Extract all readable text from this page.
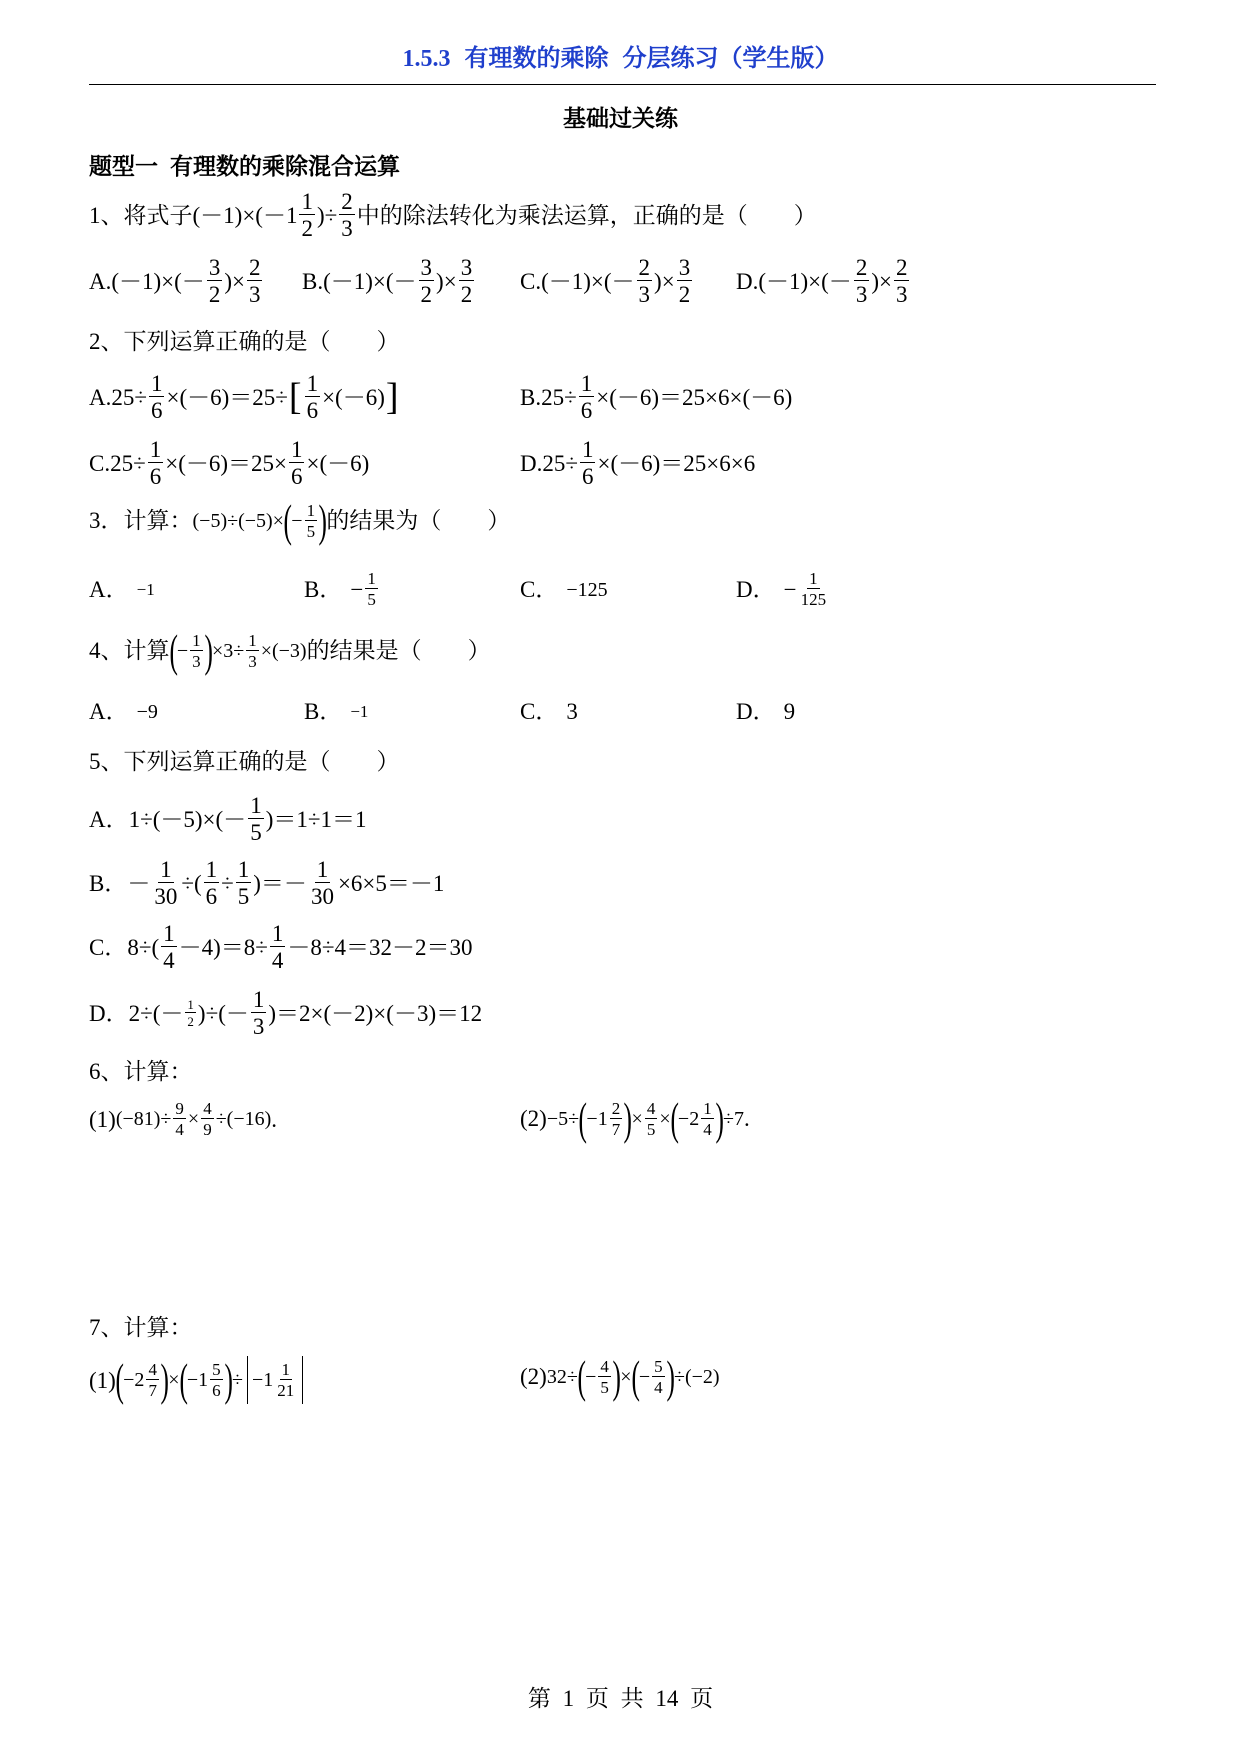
1.5.3 有理数的乘除 分层练习（学生版）
基础过关练
题型一 有理数的乘除混合运算
1、将式子(－1)×(－1
1
2
)÷ $\frac{2}{3}$ 中的除法转化为乘法运算，正确的是（　　）
A.(－1)×(－
3
2
)× $\frac{2}{3} B.(-1)\times(-$
3
2
)× $\frac{3}{2} C.(-1)\times(-$
2
3
)× $\frac{3}{2} D.(-1)\times(-$
2
3
)× $\frac{2}{3}$
2、下列运算正确的是（　　）
$A.25\div \frac{1}{6} \times(-6)=25\div$ [ $\frac{1}{6} \times(-6)$ ]	$B.25\div \frac{1}{6} \times(-6)=25\times 6\times(-6)$
$C.25\div \frac{1}{6} \times(-6)=25\times \frac{1}{6} \times(-6)$	$D.25\div \frac{1}{6} \times(-6)=25\times 6\times 6$
3．计算： (−5)÷(−5)× ( − $\frac{1}{5}$ ) 的结果为（　　）
A． −1	B． − $\frac{1}{5}$	C． −125	D． − $\frac{1}{125}$
4、计算 ( − $\frac{1}{3}$ ) $\times 3\div \frac{1}{3} \times(-3)$ 的结果是（　　）
A． −9	B． −1	C． 3	D． 9
5、下列运算正确的是（　　）
A．1÷(－5)×(－
1
5
)＝1÷1＝1
B．－ $\frac{1}{30}$ ÷( $\frac{1}{6} \div \frac{1}{5}$ )＝－ $\frac{1}{30} \times 6\times 5=-1$
C．8÷(
1
4
$-4)=8\div \frac{1}{4} -8\div 4=32-2=30$
D．2÷(－ 1
2 )÷(－
1
3
)＝2×(－2)×(－3)＝12
6、计算：
(1) $(-81)\div \frac{9}{4} \times \frac{4}{9} \div(-16)$ .	(2) −5÷ ( −1 2
7 ) × $\frac{4}{5}$ × ( −2 1
4 ) ÷7 .
7、计算：
(1) ( −2 4
7 ) × ( −1 5
6 ) ÷ −1 1
21
(2) 32÷ ( − $\frac{4}{5}$ ) × ( − $\frac{5}{4}$ ) ÷(−2)
第 1 页 共 14 页
